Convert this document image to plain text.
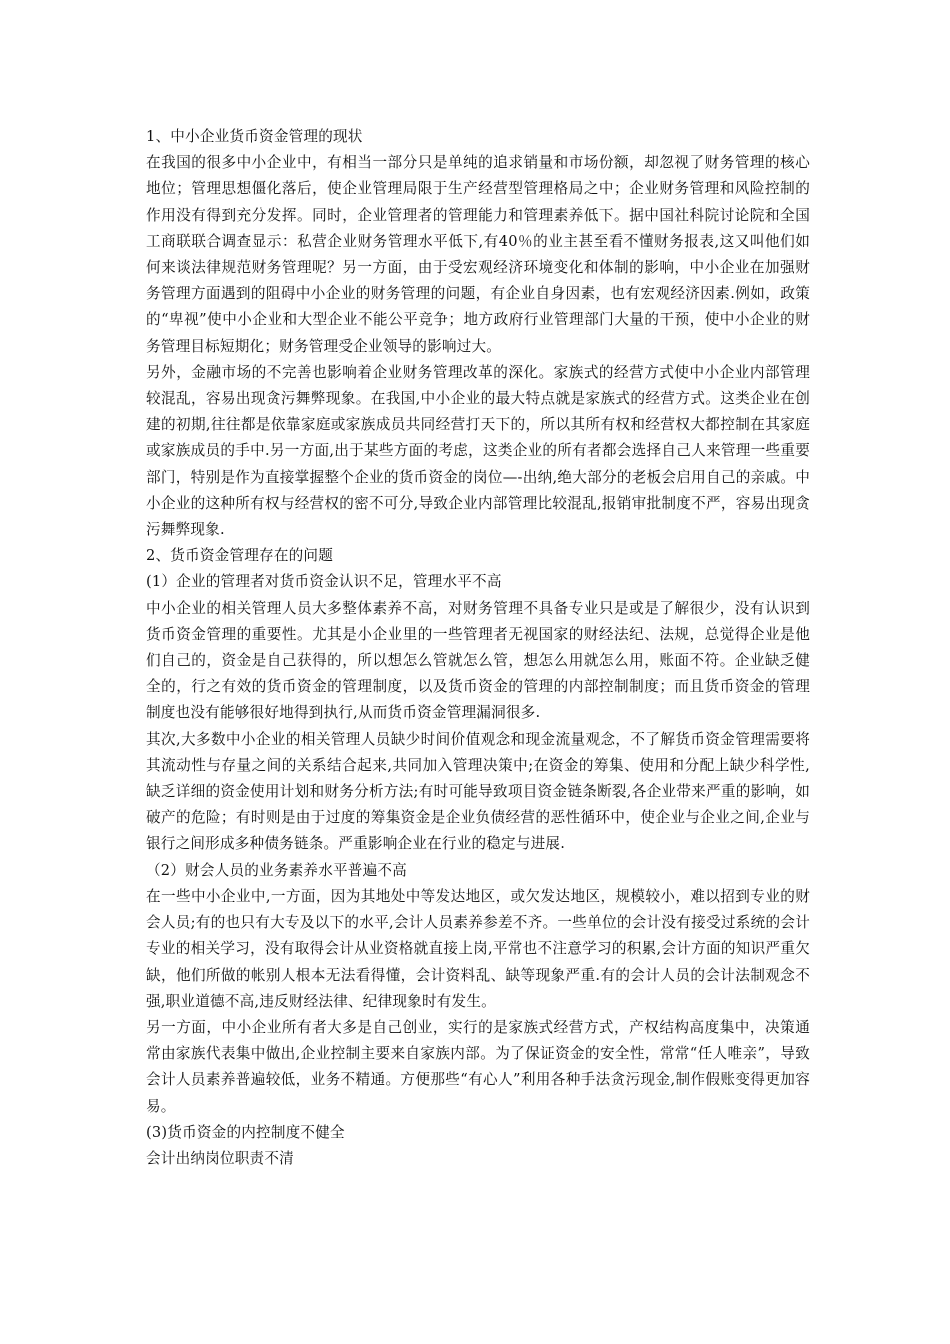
1、中小企业货币资金管理的现状

在我国的很多中小企业中，有相当一部分只是单纯的追求销量和市场份额，却忽视了财务管理的核心地位；管理思想僵化落后，使企业管理局限于生产经营型管理格局之中；企业财务管理和风险控制的作用没有得到充分发挥。同时，企业管理者的管理能力和管理素养低下。据中国社科院讨论院和全国工商联联合调查显示：私营企业财务管理水平低下,有40％的业主甚至看不懂财务报表,这又叫他们如何来谈法律规范财务管理呢？另一方面，由于受宏观经济环境变化和体制的影响，中小企业在加强财务管理方面遇到的阻碍中小企业的财务管理的问题，有企业自身因素，也有宏观经济因素.例如，政策的“卑视”使中小企业和大型企业不能公平竞争；地方政府行业管理部门大量的干预，使中小企业的财务管理目标短期化；财务管理受企业领导的影响过大。

另外，金融市场的不完善也影响着企业财务管理改革的深化。家族式的经营方式使中小企业内部管理较混乱，容易出现贪污舞弊现象。在我国,中小企业的最大特点就是家族式的经营方式。这类企业在创建的初期,往往都是依靠家庭或家族成员共同经营打天下的，所以其所有权和经营权大都控制在其家庭或家族成员的手中.另一方面,出于某些方面的考虑，这类企业的所有者都会选择自己人来管理一些重要部门，特别是作为直接掌握整个企业的货币资金的岗位—-出纳,绝大部分的老板会启用自己的亲戚。中小企业的这种所有权与经营权的密不可分,导致企业内部管理比较混乱,报销审批制度不严，容易出现贪污舞弊现象.

2、货币资金管理存在的问题

(1）企业的管理者对货币资金认识不足，管理水平不高

中小企业的相关管理人员大多整体素养不高，对财务管理不具备专业只是或是了解很少，没有认识到货币资金管理的重要性。尤其是小企业里的一些管理者无视国家的财经法纪、法规，总觉得企业是他们自己的，资金是自己获得的，所以想怎么管就怎么管，想怎么用就怎么用，账面不符。企业缺乏健全的，行之有效的货币资金的管理制度，以及货币资金的管理的内部控制制度；而且货币资金的管理制度也没有能够很好地得到执行,从而货币资金管理漏洞很多.

其次,大多数中小企业的相关管理人员缺少时间价值观念和现金流量观念，不了解货币资金管理需要将其流动性与存量之间的关系结合起来,共同加入管理决策中;在资金的筹集、使用和分配上缺少科学性,缺乏详细的资金使用计划和财务分析方法;有时可能导致项目资金链条断裂,各企业带来严重的影响，如破产的危险；有时则是由于过度的筹集资金是企业负债经营的恶性循环中，使企业与企业之间,企业与银行之间形成多种债务链条。严重影响企业在行业的稳定与进展.

（2）财会人员的业务素养水平普遍不高

在一些中小企业中,一方面，因为其地处中等发达地区，或欠发达地区，规模较小，难以招到专业的财会人员;有的也只有大专及以下的水平,会计人员素养参差不齐。一些单位的会计没有接受过系统的会计专业的相关学习，没有取得会计从业资格就直接上岗,平常也不注意学习的积累,会计方面的知识严重欠缺，他们所做的帐别人根本无法看得懂，会计资料乱、缺等现象严重.有的会计人员的会计法制观念不强,职业道德不高,违反财经法律、纪律现象时有发生。

另一方面，中小企业所有者大多是自己创业，实行的是家族式经营方式，产权结构高度集中，决策通常由家族代表集中做出,企业控制主要来自家族内部。为了保证资金的安全性，常常“任人唯亲”，导致会计人员素养普遍较低，业务不精通。方便那些“有心人”利用各种手法贪污现金,制作假账变得更加容易。

(3)货币资金的内控制度不健全

会计出纳岗位职责不清
